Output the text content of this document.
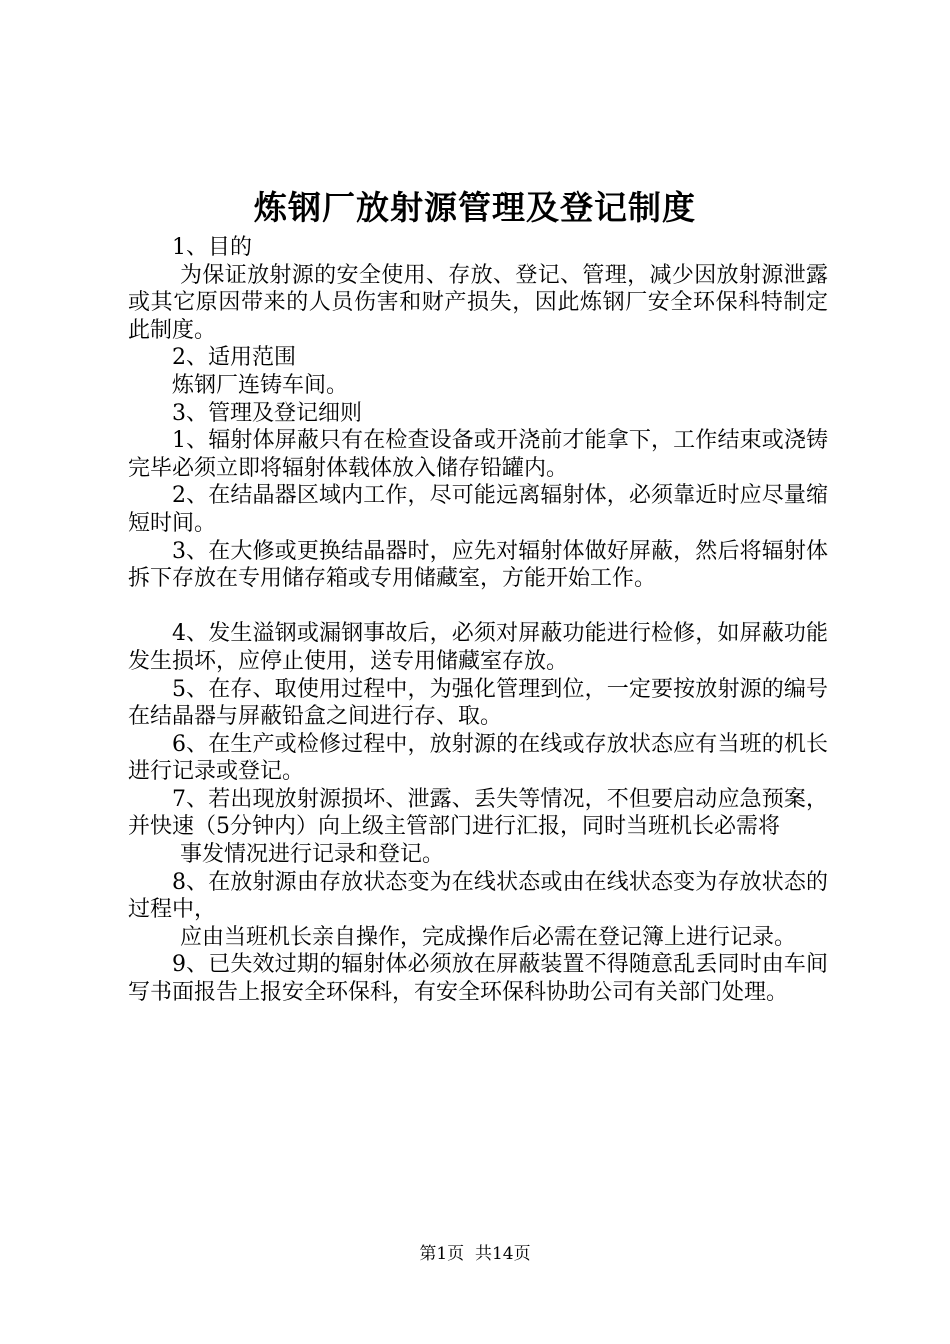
炼钢厂放射源管理及登记制度

1、目的

为保证放射源的安全使用、存放、登记、管理，减少因放射源泄露或其它原因带来的人员伤害和财产损失，因此炼钢厂安全环保科特制定此制度。

2、适用范围

炼钢厂连铸车间。

3、管理及登记细则

1、辐射体屏蔽只有在检查设备或开浇前才能拿下，工作结束或浇铸完毕必须立即将辐射体载体放入储存铅罐内。

2、在结晶器区域内工作，尽可能远离辐射体，必须靠近时应尽量缩短时间。

3、在大修或更换结晶器时，应先对辐射体做好屏蔽，然后将辐射体拆下存放在专用储存箱或专用储藏室，方能开始工作。

4、发生溢钢或漏钢事故后，必须对屏蔽功能进行检修，如屏蔽功能发生损坏，应停止使用，送专用储藏室存放。

5、在存、取使用过程中，为强化管理到位，一定要按放射源的编号在结晶器与屏蔽铅盒之间进行存、取。

6、在生产或检修过程中，放射源的在线或存放状态应有当班的机长进行记录或登记。

7、若出现放射源损坏、泄露、丢失等情况，不但要启动应急预案，并快速（5分钟内）向上级主管部门进行汇报，同时当班机长必需将

事发情况进行记录和登记。

8、在放射源由存放状态变为在线状态或由在线状态变为存放状态的过程中，

应由当班机长亲自操作，完成操作后必需在登记簿上进行记录。

9、已失效过期的辐射体必须放在屏蔽装置不得随意乱丢同时由车间写书面报告上报安全环保科，有安全环保科协助公司有关部门处理。

第1页  共14页
